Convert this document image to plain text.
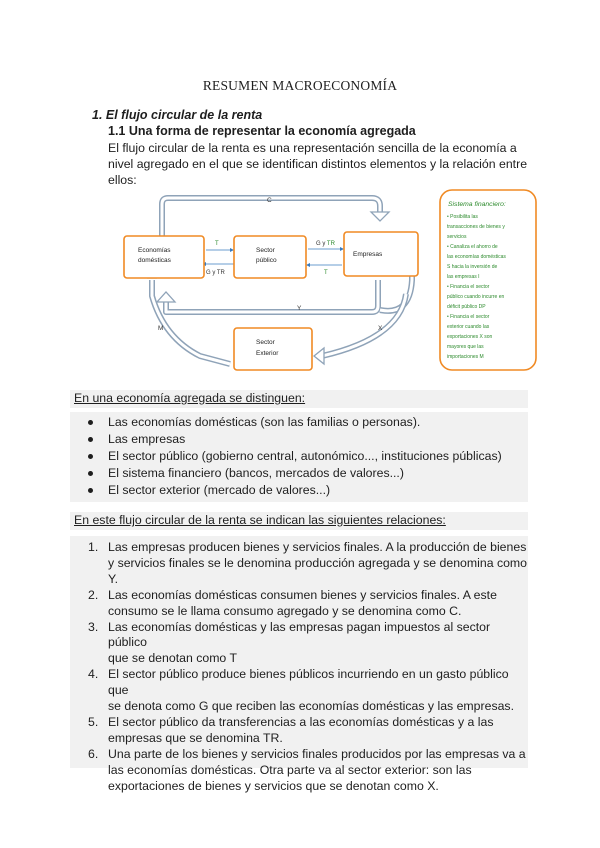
RESUMEN MACROECONOMÍA
1. El flujo circular de la renta
1.1 Una forma de representar la economía agregada
El flujo circular de la renta es una representación sencilla de la economía a nivel agregado en el que se identifican distintos elementos y la relación entre ellos:
C
Y
M	X
T
G y TR
G y TR
T
Economías
domésticas
Sector
público
Empresas
Sector
Exterior
Sistema financiero:
• Posibilita las
transacciones de bienes y
servicios
• Canaliza el ahorro de
las economías domésticas
S hacia la inversión de
las empresas I
• Financia el sector
público cuando incurre en
déficit público DP
• Financia el sector
exterior cuando las
exportaciones X son
mayores que las
importaciones M
En una economía agregada se distinguen:
Las economías domésticas (son las familias o personas).
Las empresas
El sector público (gobierno central, autonómico..., instituciones públicas)
El sistema financiero (bancos, mercados de valores...)
El sector exterior (mercado de valores...)
En este flujo circular de la renta se indican las siguientes relaciones:
1. Las empresas producen bienes y servicios finales. A la producción de bienes
y servicios finales se le denomina producción agregada y se denomina como
Y.
2. Las economías domésticas consumen bienes y servicios finales. A este
consumo se le llama consumo agregado y se denomina como C.
3. Las economías domésticas y las empresas pagan impuestos al sector público
que se denotan como T
4. El sector público produce bienes públicos incurriendo en un gasto público que
se denota como G que reciben las economías domésticas y las empresas.
5. El sector público da transferencias a las economías domésticas y a las
empresas que se denomina TR.
6. Una parte de los bienes y servicios finales producidos por las empresas va a
las economías domésticas. Otra parte va al sector exterior: son las
exportaciones de bienes y servicios que se denotan como X.
